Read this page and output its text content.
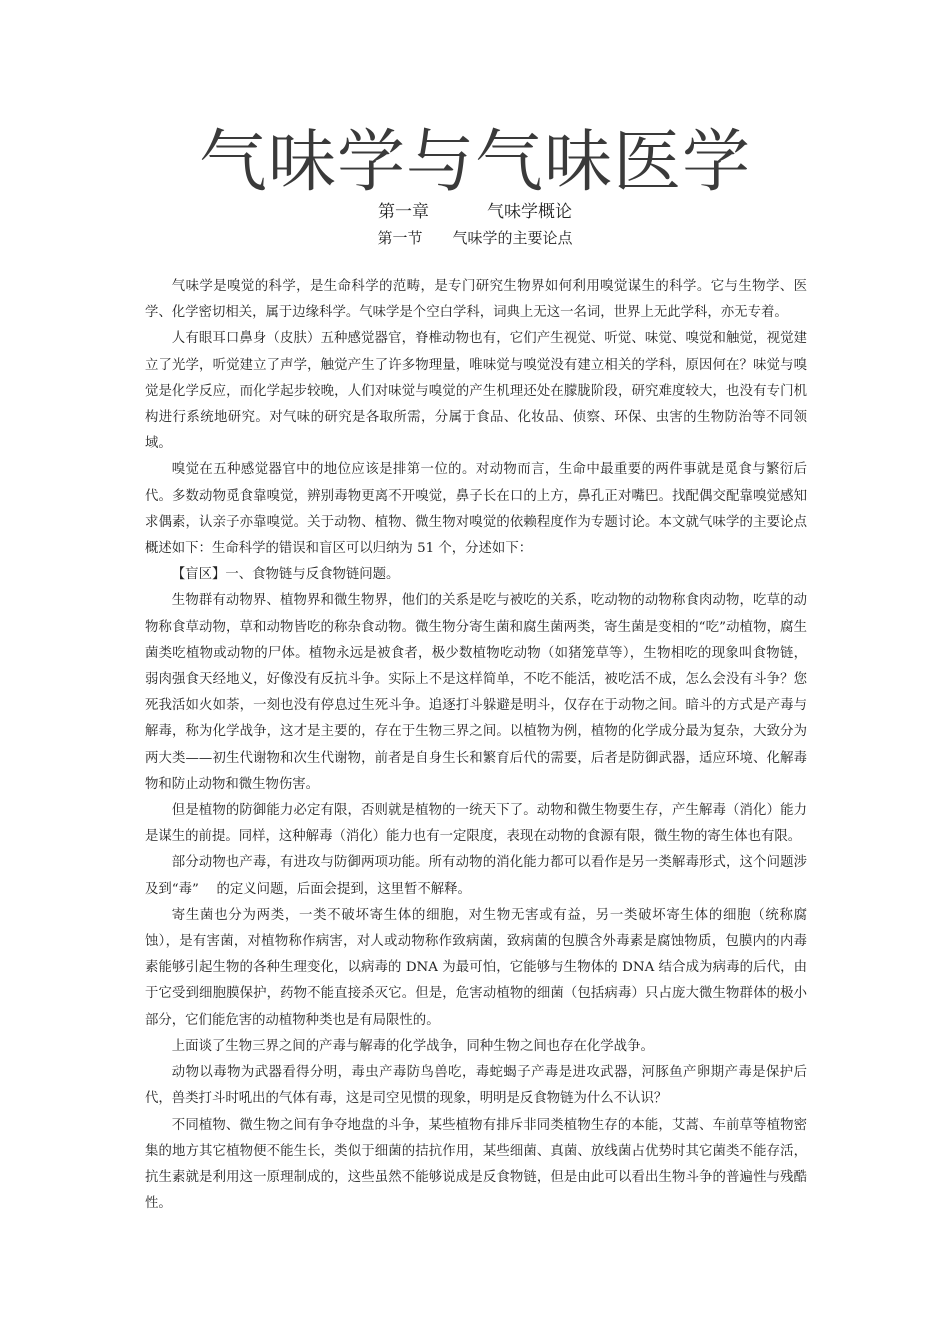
气味学与气味医学
第一章	气味学概论
第一节 气味学的主要论点

气味学是嗅觉的科学，是生命科学的范畴，是专门研究生物界如何利用嗅觉谋生的科学。它与生物学、医学、化学密切相关，属于边缘科学。气味学是个空白学科，词典上无这一名词，世界上无此学科，亦无专着。

人有眼耳口鼻身（皮肤）五种感觉器官，脊椎动物也有，它们产生视觉、听觉、味觉、嗅觉和触觉，视觉建立了光学，听觉建立了声学，触觉产生了许多物理量，唯味觉与嗅觉没有建立相关的学科，原因何在？味觉与嗅觉是化学反应，而化学起步较晚，人们对味觉与嗅觉的产生机理还处在朦胧阶段，研究难度较大，也没有专门机构进行系统地研究。对气味的研究是各取所需，分属于食品、化妆品、侦察、环保、虫害的生物防治等不同领域。

嗅觉在五种感觉器官中的地位应该是排第一位的。对动物而言，生命中最重要的两件事就是觅食与繁衍后代。多数动物觅食靠嗅觉，辨别毒物更离不开嗅觉，鼻子长在口的上方，鼻孔正对嘴巴。找配偶交配靠嗅觉感知求偶素，认亲子亦靠嗅觉。关于动物、植物、微生物对嗅觉的依赖程度作为专题讨论。本文就气味学的主要论点概述如下：生命科学的错误和盲区可以归纳为 51 个，分述如下：

【盲区】一、食物链与反食物链问题。

生物群有动物界、植物界和微生物界，他们的关系是吃与被吃的关系，吃动物的动物称食肉动物，吃草的动物称食草动物，草和动物皆吃的称杂食动物。微生物分寄生菌和腐生菌两类，寄生菌是变相的“吃”动植物，腐生菌类吃植物或动物的尸体。植物永远是被食者，极少数植物吃动物（如猪笼草等），生物相吃的现象叫食物链，弱肉强食天经地义，好像没有反抗斗争。实际上不是这样简单，不吃不能活，被吃活不成，怎么会没有斗争？您死我活如火如荼，一刻也没有停息过生死斗争。追逐打斗躲避是明斗，仅存在于动物之间。暗斗的方式是产毒与解毒，称为化学战争，这才是主要的，存在于生物三界之间。以植物为例，植物的化学成分最为复杂，大致分为两大类——初生代谢物和次生代谢物，前者是自身生长和繁育后代的需要，后者是防御武器，适应环境、化解毒物和防止动物和微生物伤害。

但是植物的防御能力必定有限，否则就是植物的一统天下了。动物和微生物要生存，产生解毒（消化）能力是谋生的前提。同样，这种解毒（消化）能力也有一定限度，表现在动物的食源有限，微生物的寄生体也有限。

部分动物也产毒，有进攻与防御两项功能。所有动物的消化能力都可以看作是另一类解毒形式，这个问题涉及到“毒”　 的定义问题，后面会提到，这里暂不解释。

寄生菌也分为两类，一类不破坏寄生体的细胞，对生物无害或有益，另一类破坏寄生体的细胞（统称腐蚀），是有害菌，对植物称作病害，对人或动物称作致病菌，致病菌的包膜含外毒素是腐蚀物质，包膜内的内毒素能够引起生物的各种生理变化，以病毒的 DNA 为最可怕，它能够与生物体的 DNA 结合成为病毒的后代，由于它受到细胞膜保护，药物不能直接杀灭它。但是，危害动植物的细菌（包括病毒）只占庞大微生物群体的极小部分，它们能危害的动植物种类也是有局限性的。

上面谈了生物三界之间的产毒与解毒的化学战争，同种生物之间也存在化学战争。

动物以毒物为武器看得分明，毒虫产毒防鸟兽吃，毒蛇蝎子产毒是进攻武器，河豚鱼产卵期产毒是保护后代，兽类打斗时吼出的气体有毒，这是司空见惯的现象，明明是反食物链为什么不认识？

不同植物、微生物之间有争夺地盘的斗争，某些植物有排斥非同类植物生存的本能，艾蒿、车前草等植物密集的地方其它植物便不能生长，类似于细菌的拮抗作用，某些细菌、真菌、放线菌占优势时其它菌类不能存活，抗生素就是利用这一原理制成的，这些虽然不能够说成是反食物链，但是由此可以看出生物斗争的普遍性与残酷性。
